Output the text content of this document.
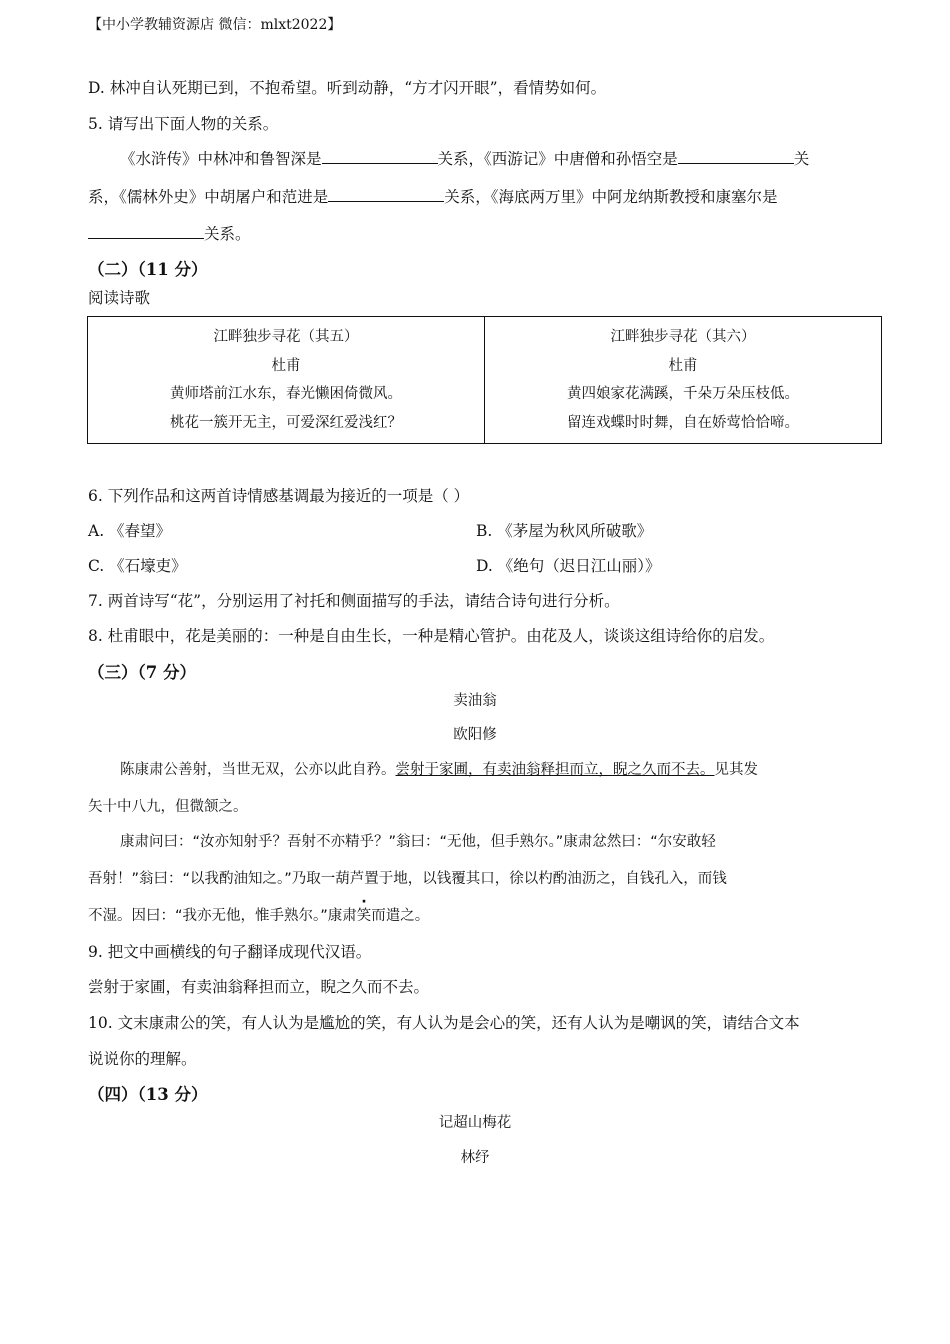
【中小学教辅资源店 微信：mlxt2022】
D. 林冲自认死期已到，不抱希望。听到动静，“方才闪开眼”，看情势如何。
5. 请写出下面人物的关系。
《水浒传》中林冲和鲁智深是	关系，《西游记》中唐僧和孙悟空是	关
系，《儒林外史》中胡屠户和范进是	关系，《海底两万里》中阿龙纳斯教授和康塞尔是
关系。
（二）（11 分）
阅读诗歌
江畔独步寻花（其五）
杜甫
黄师塔前江水东，春光懒困倚微风。
桃花一簇开无主，可爱深红爱浅红？

江畔独步寻花（其六）
杜甫
黄四娘家花满蹊，千朵万朵压枝低。
留连戏蝶时时舞，自在娇莺恰恰啼。
6. 下列作品和这两首诗情感基调最为接近的一项是（ ）
A. 《春望》	B. 《茅屋为秋风所破歌》
C. 《石壕吏》	D. 《绝句（迟日江山丽）》
7. 两首诗写“花”，分别运用了衬托和侧面描写的手法，请结合诗句进行分析。
8. 杜甫眼中，花是美丽的：一种是自由生长，一种是精心管护。由花及人，谈谈这组诗给你的启发。
（三）（7 分）
卖油翁
欧阳修
陈康肃公善射，当世无双，公亦以此自矜。尝射于家圃，有卖油翁释担而立，睨之久而不去。见其发
矢十中八九，但微颔之。
康肃问曰：“汝亦知射乎？吾射不亦精乎？”翁曰：“无他，但手熟尔。”康肃忿然曰：“尔安敢轻
吾射！”翁曰：“以我酌油知之。”乃取一葫芦置于地，以钱覆其口，徐以杓酌油沥之，自钱孔入，而钱
不湿。因曰：“我亦无他，惟手熟尔。”康肃笑而遣之。
9. 把文中画横线的句子翻译成现代汉语。
尝射于家圃，有卖油翁释担而立，睨之久而不去。
10. 文末康肃公的笑，有人认为是尴尬的笑，有人认为是会心的笑，还有人认为是嘲讽的笑，请结合文本
说说你的理解。
（四）（13 分）
记超山梅花
林纾
